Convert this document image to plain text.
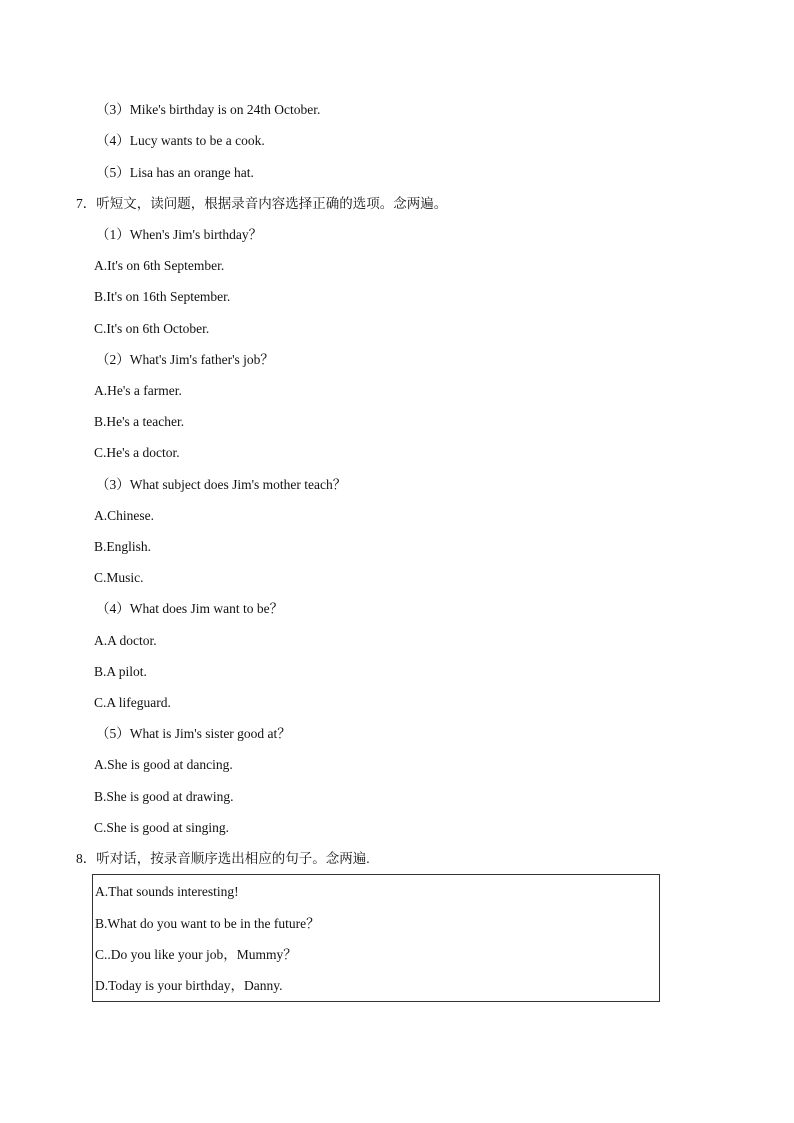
（3）Mike's birthday is on 24th October.
（4）Lucy wants to be a cook.
（5）Lisa has an orange hat.
7．听短文，读问题，根据录音内容选择正确的选项。念两遍。
（1）When's Jim's birthday？
A.It's on 6th September.
B.It's on 16th September.
C.It's on 6th October.
（2）What's Jim's father's job？
A.He's a farmer.
B.He's a teacher.
C.He's a doctor.
（3）What subject does Jim's mother teach？
A.Chinese.
B.English.
C.Music.
（4）What does Jim want to be？
A.A doctor.
B.A pilot.
C.A lifeguard.
（5）What is Jim's sister good at？
A.She is good at dancing.
B.She is good at drawing.
C.She is good at singing.
8．听对话，按录音顺序选出相应的句子。念两遍.
A.That sounds interesting!
B.What do you want to be in the future？
C..Do you like your job，Mummy？
D.Today is your birthday，Danny.
